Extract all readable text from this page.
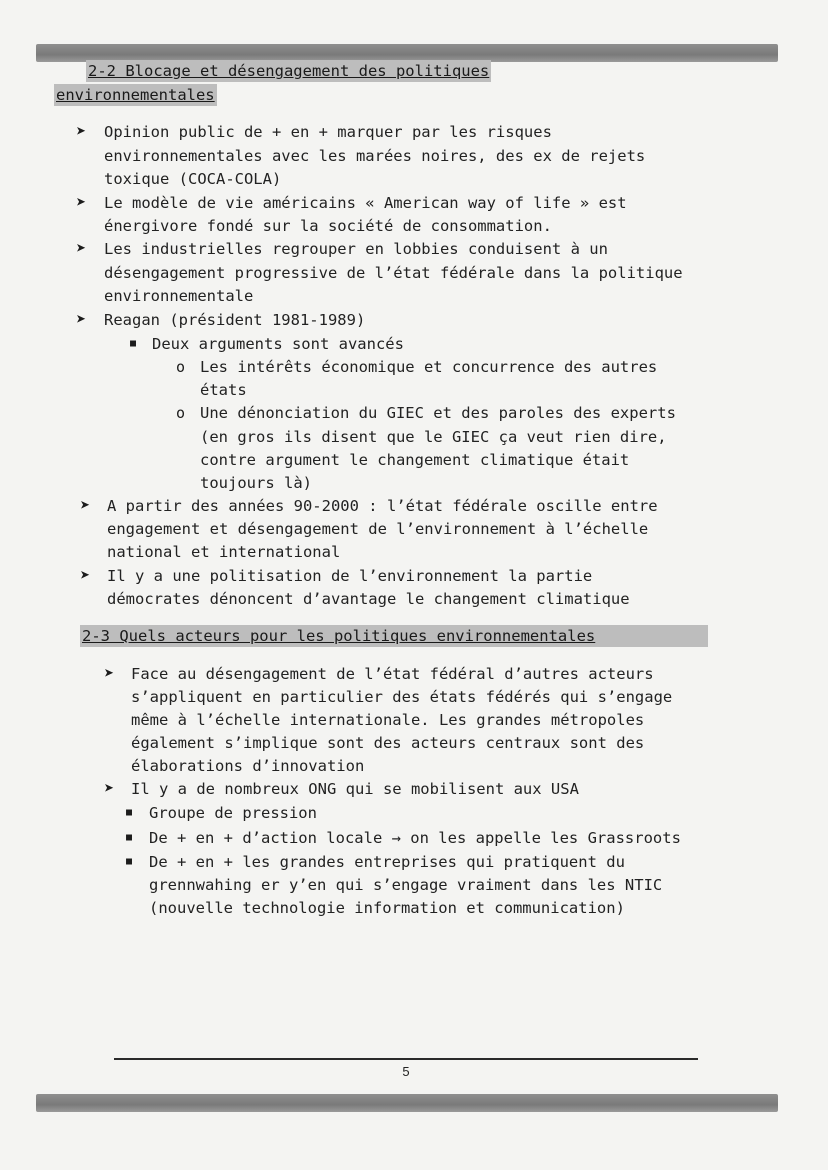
2-2 Blocage et désengagement des politiques
environnementales
➤ Opinion public de + en + marquer par les risques
environnementales avec les marées noires, des ex de rejets
toxique (COCA-COLA)
➤ Le modèle de vie américains « American way of life » est
énergivore fondé sur la société de consommation.
➤ Les industrielles regrouper en lobbies conduisent à un
désengagement progressive de l’état fédérale dans la politique
environnementale
➤ Reagan (président 1981-1989)
■ Deux arguments sont avancés
o Les intérêts économique et concurrence des autres
états
o Une dénonciation du GIEC et des paroles des experts
(en gros ils disent que le GIEC ça veut rien dire,
contre argument le changement climatique était
toujours là)
➤ A partir des années 90-2000 : l’état fédérale oscille entre
engagement et désengagement de l’environnement à l’échelle
national et international
➤ Il y a une politisation de l’environnement la partie
démocrates dénoncent d’avantage le changement climatique
2-3 Quels acteurs pour les politiques environnementales
➤ Face au désengagement de l’état fédéral d’autres acteurs
s’appliquent en particulier des états fédérés qui s’engage
même à l’échelle internationale. Les grandes métropoles
également s’implique sont des acteurs centraux sont des
élaborations d’innovation
➤ Il y a de nombreux ONG qui se mobilisent aux USA
■ Groupe de pression
■ De + en + d’action locale → on les appelle les Grassroots
■ De + en + les grandes entreprises qui pratiquent du
grennwahing er y’en qui s’engage vraiment dans les NTIC
(nouvelle technologie information et communication)
5
